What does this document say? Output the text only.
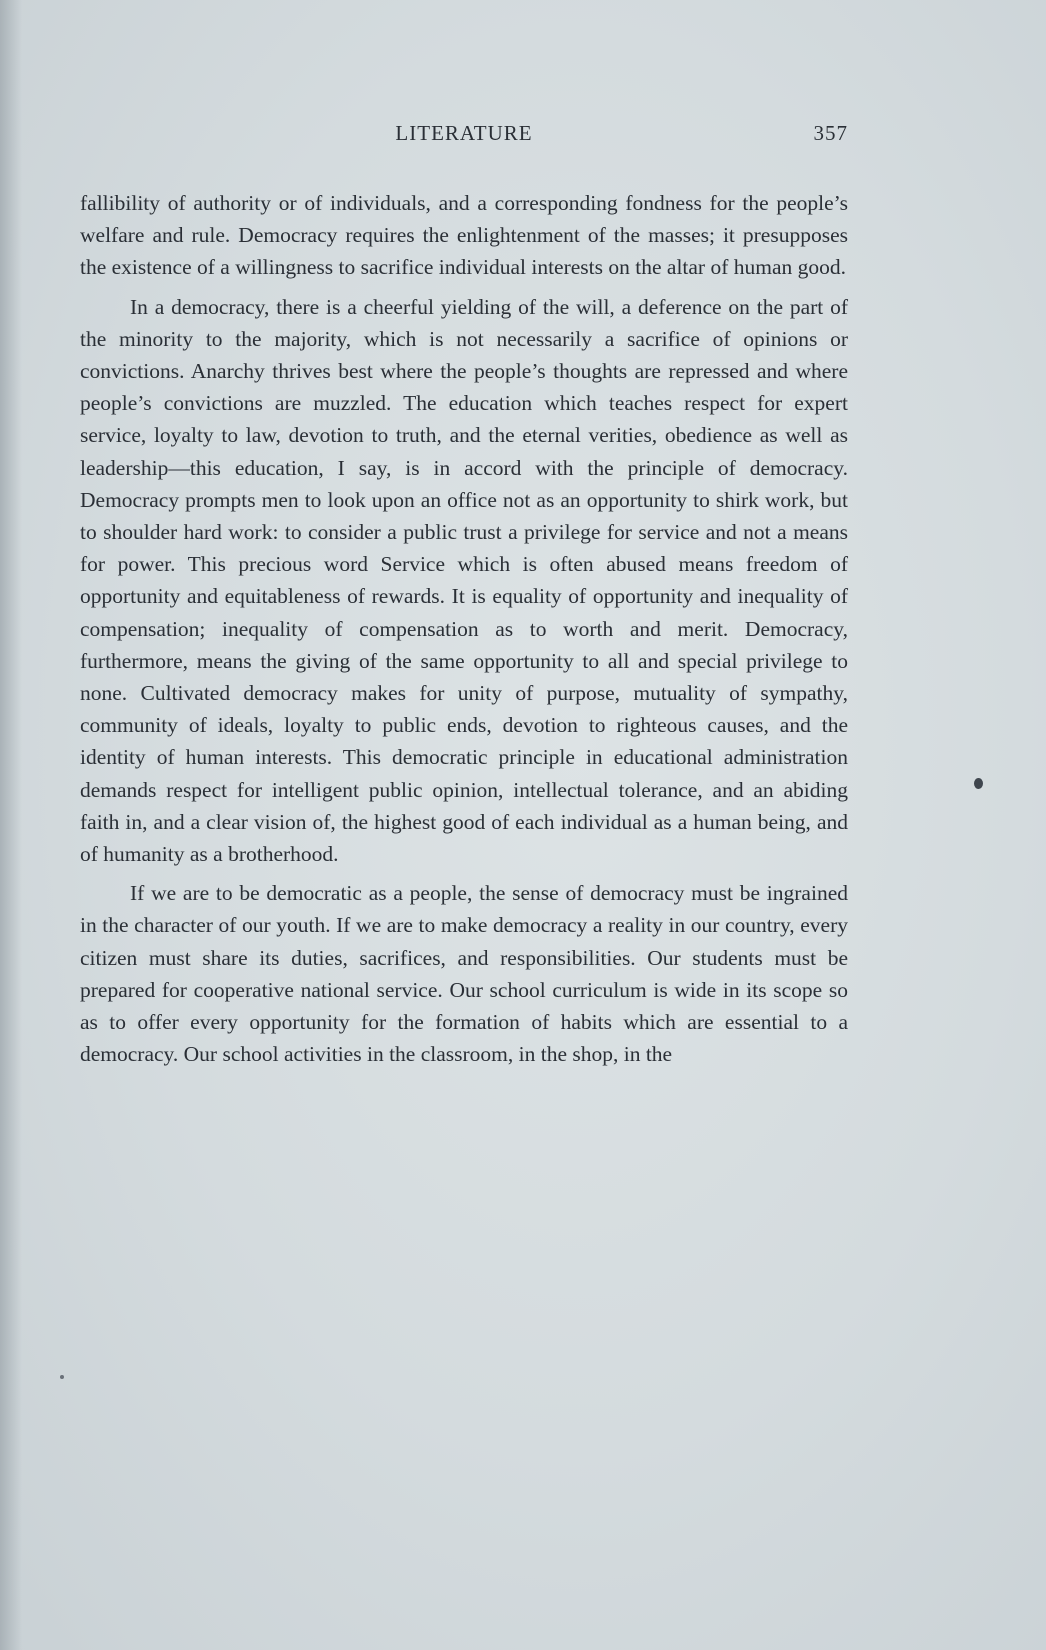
LITERATURE	357

fallibility of authority or of individuals, and a corresponding fondness for the people’s welfare and rule. Democracy requires the enlightenment of the masses; it presupposes the existence of a willingness to sacrifice individual interests on the altar of human good.

In a democracy, there is a cheerful yielding of the will, a deference on the part of the minority to the majority, which is not necessarily a sacrifice of opinions or convictions. Anarchy thrives best where the people’s thoughts are repressed and where people’s convictions are muzzled. The education which teaches respect for expert service, loyalty to law, devotion to truth, and the eternal verities, obedience as well as leadership—this education, I say, is in accord with the principle of democracy. Democracy prompts men to look upon an office not as an opportunity to shirk work, but to shoulder hard work: to consider a public trust a privilege for service and not a means for power. This precious word Service which is often abused means freedom of opportunity and equitableness of rewards. It is equality of opportunity and inequality of compensation; inequality of compensation as to worth and merit. Democracy, furthermore, means the giving of the same opportunity to all and special privilege to none. Cultivated democracy makes for unity of purpose, mutuality of sympathy, community of ideals, loyalty to public ends, devotion to righteous causes, and the identity of human interests. This democratic principle in educational administration demands respect for intelligent public opinion, intellectual tolerance, and an abiding faith in, and a clear vision of, the highest good of each individual as a human being, and of humanity as a brotherhood.

If we are to be democratic as a people, the sense of democracy must be ingrained in the character of our youth. If we are to make democracy a reality in our country, every citizen must share its duties, sacrifices, and responsibilities. Our students must be prepared for cooperative national service. Our school curriculum is wide in its scope so as to offer every opportunity for the formation of habits which are essential to a democracy. Our school activities in the classroom, in the shop, in the
